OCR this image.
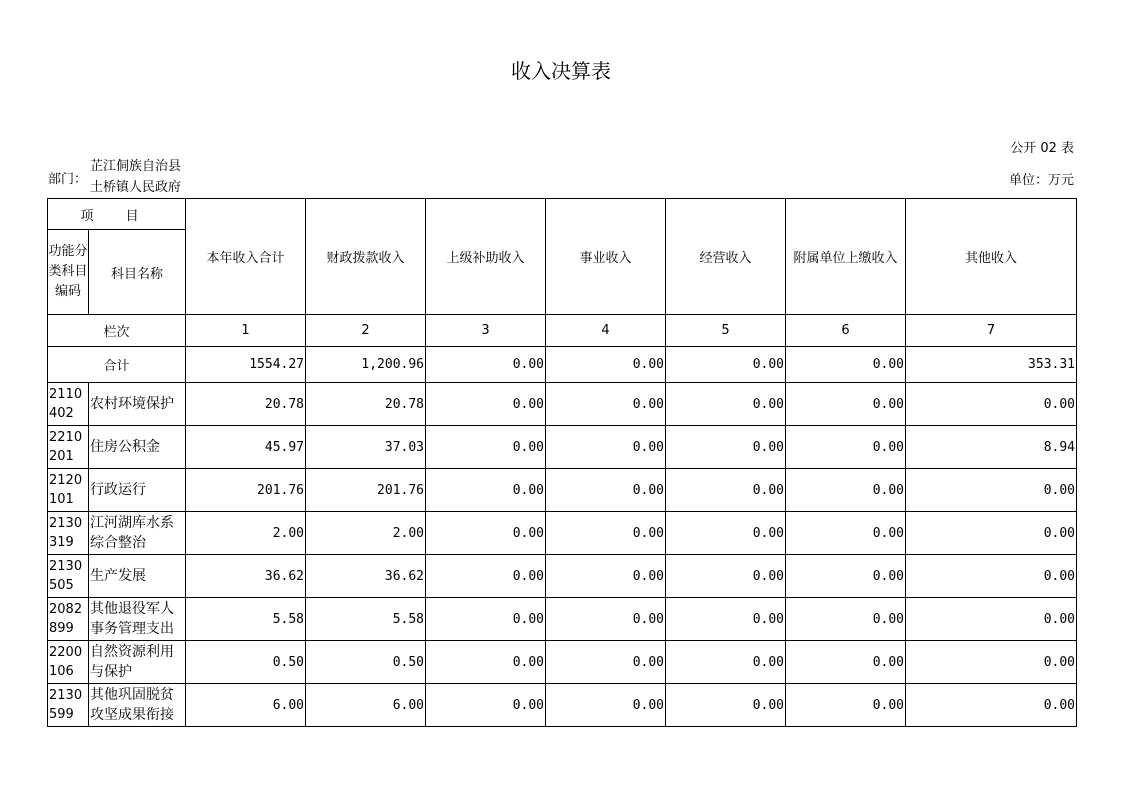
收入决算表
公开 02 表
部门：
芷江侗族自治县
土桥镇人民政府	单位：万元
项 目		本年收入合计	财政拨款收入	上级补助收入	事业收入	经营收入	附属单位上缴收入	其他收入
功能分类科目编码	科目名称							
栏次		1	2	3	4	5	6	7
合计		1554.27	1,200.96	0.00	0.00	0.00	0.00	353.31
2110402	农村环境保护	20.78	20.78	0.00	0.00	0.00	0.00	0.00
2210201	住房公积金	45.97	37.03	0.00	0.00	0.00	0.00	8.94
2120101	行政运行	201.76	201.76	0.00	0.00	0.00	0.00	0.00
2130319	江河湖库水系综合整治	2.00	2.00	0.00	0.00	0.00	0.00	0.00
2130505	生产发展	36.62	36.62	0.00	0.00	0.00	0.00	0.00
2082899	其他退役军人事务管理支出	5.58	5.58	0.00	0.00	0.00	0.00	0.00
2200106	自然资源利用与保护	0.50	0.50	0.00	0.00	0.00	0.00	0.00
2130599	其他巩固脱贫攻坚成果衔接	6.00	6.00	0.00	0.00	0.00	0.00	0.00
